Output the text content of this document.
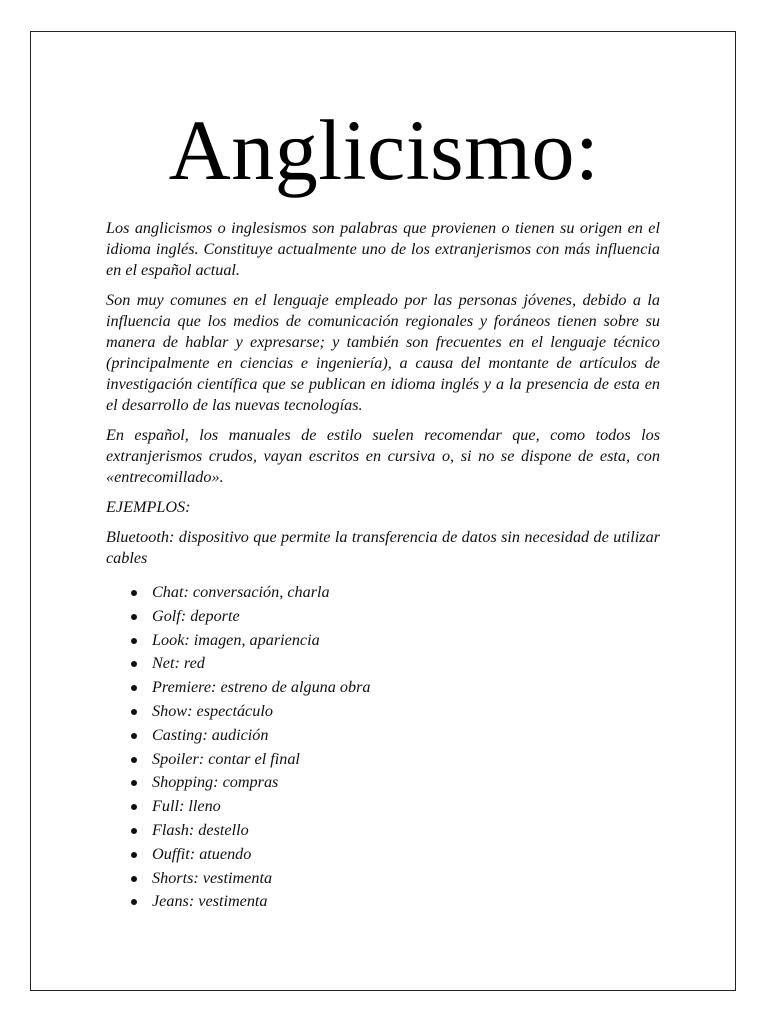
Anglicismo:

Los anglicismos o inglesismos son palabras que provienen o tienen su origen en el idioma inglés. Constituye actualmente uno de los extranjerismos con más influencia en el español actual.

Son muy comunes en el lenguaje empleado por las personas jóvenes, debido a la influencia que los medios de comunicación regionales y foráneos tienen sobre su manera de hablar y expresarse; y también son frecuentes en el lenguaje técnico (principalmente en ciencias e ingeniería), a causa del montante de artículos de investigación científica que se publican en idioma inglés y a la presencia de esta en el desarrollo de las nuevas tecnologías.

En español, los manuales de estilo suelen recomendar que, como todos los extranjerismos crudos, vayan escritos en cursiva o, si no se dispone de esta, con «entrecomillado».

EJEMPLOS:

Bluetooth: dispositivo que permite la transferencia de datos sin necesidad de utilizar cables

Chat: conversación, charla
Golf: deporte
Look: imagen, apariencia
Net: red
Premiere: estreno de alguna obra
Show: espectáculo
Casting: audición
Spoiler: contar el final
Shopping: compras
Full: lleno
Flash: destello
Ouffit: atuendo
Shorts: vestimenta
Jeans: vestimenta
